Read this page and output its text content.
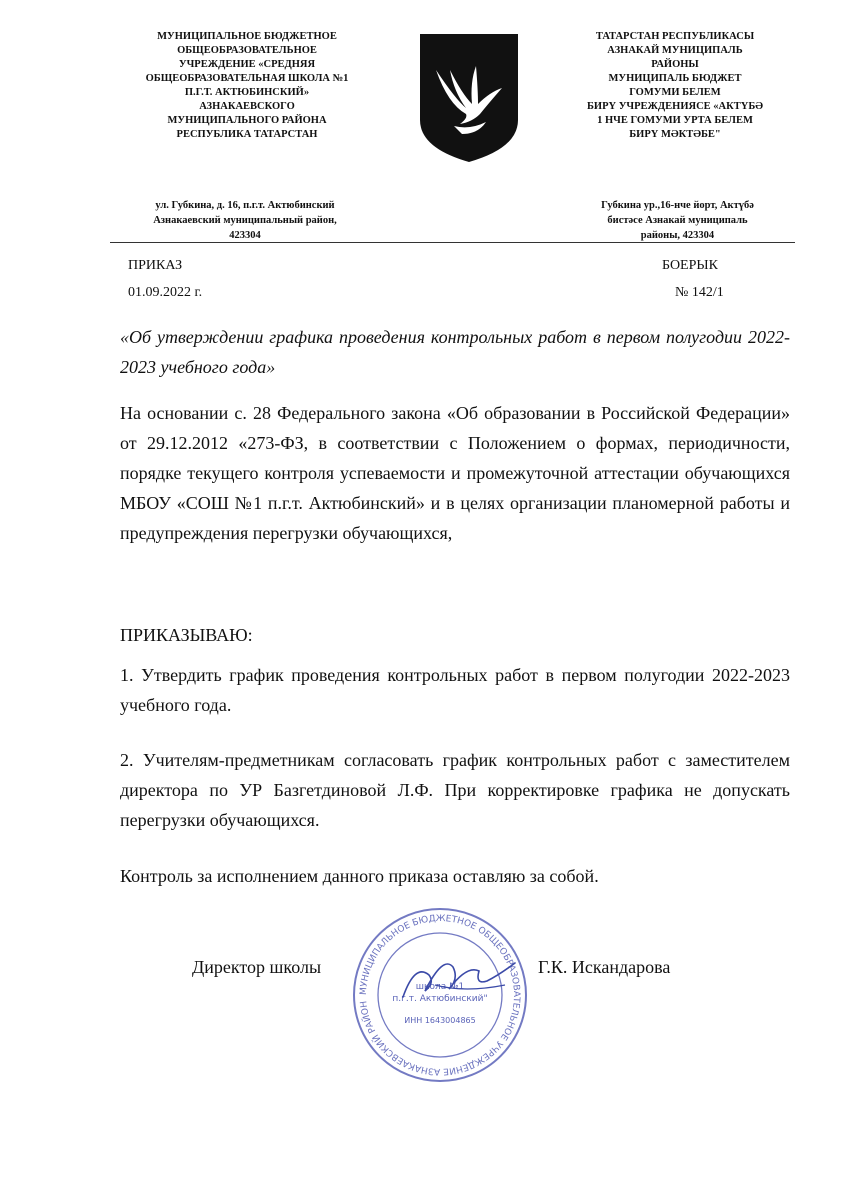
МУНИЦИПАЛЬНОЕ БЮДЖЕТНОЕ
ОБЩЕОБРАЗОВАТЕЛЬНОЕ
УЧРЕЖДЕНИЕ «СРЕДНЯЯ
ОБЩЕОБРАЗОВАТЕЛЬНАЯ ШКОЛА №1
П.Г.Т. АКТЮБИНСКИЙ»
АЗНАКАЕВСКОГО
МУНИЦИПАЛЬНОГО РАЙОНА
РЕСПУБЛИКА ТАТАРСТАН
ТАТАРСТАН РЕСПУБЛИКАСЫ
АЗНАКАЙ МУНИЦИПАЛЬ
РАЙОНЫ
МУНИЦИПАЛЬ БЮДЖЕТ
ГОМУМИ БЕЛЕМ
БИРҮ УЧРЕЖДЕНИЯСЕ «АКТҮБӘ
1 НЧЕ ГОМУМИ УРТА БЕЛЕМ
БИРҮ МӘКТӘБЕ"
ул. Губкина, д. 16, п.г.т. Актюбинский
Азнакаевский муниципальный район,
423304
Губкина ур.,16-нче йорт, Актүбә
бистәсе Азнакай муниципаль
районы, 423304
ПРИКАЗ
01.09.2022 г.
БОЕРЫК
№ 142/1
«Об утверждении графика проведения контрольных работ в первом полугодии 2022-2023 учебного года»
На основании с. 28 Федерального закона «Об образовании в Российской Федерации» от 29.12.2012 «273-ФЗ, в соответствии с Положением о формах, периодичности, порядке текущего контроля успеваемости и промежуточной аттестации обучающихся МБОУ «СОШ №1 п.г.т. Актюбинский» и в целях организации планомерной работы и предупреждения перегрузки обучающихся,
ПРИКАЗЫВАЮ:
1. Утвердить график проведения контрольных работ в первом полугодии 2022-2023 учебного года.
2. Учителям-предметникам согласовать график контрольных работ с заместителем директора по УР Базгетдиновой Л.Ф. При корректировке графика не допускать перегрузки обучающихся.
Контроль за исполнением данного приказа оставляю за собой.
МУНИЦИПАЛЬНОЕ БЮДЖЕТНОЕ ОБЩЕОБРАЗОВАТЕЛЬНОЕ УЧРЕЖДЕНИЕ АЗНАКАЕВСКИЙ РАЙОН
школа №1
п.г.т. Актюбинский"
ИНН 1643004865
Директор школы	Г.К. Искандарова
